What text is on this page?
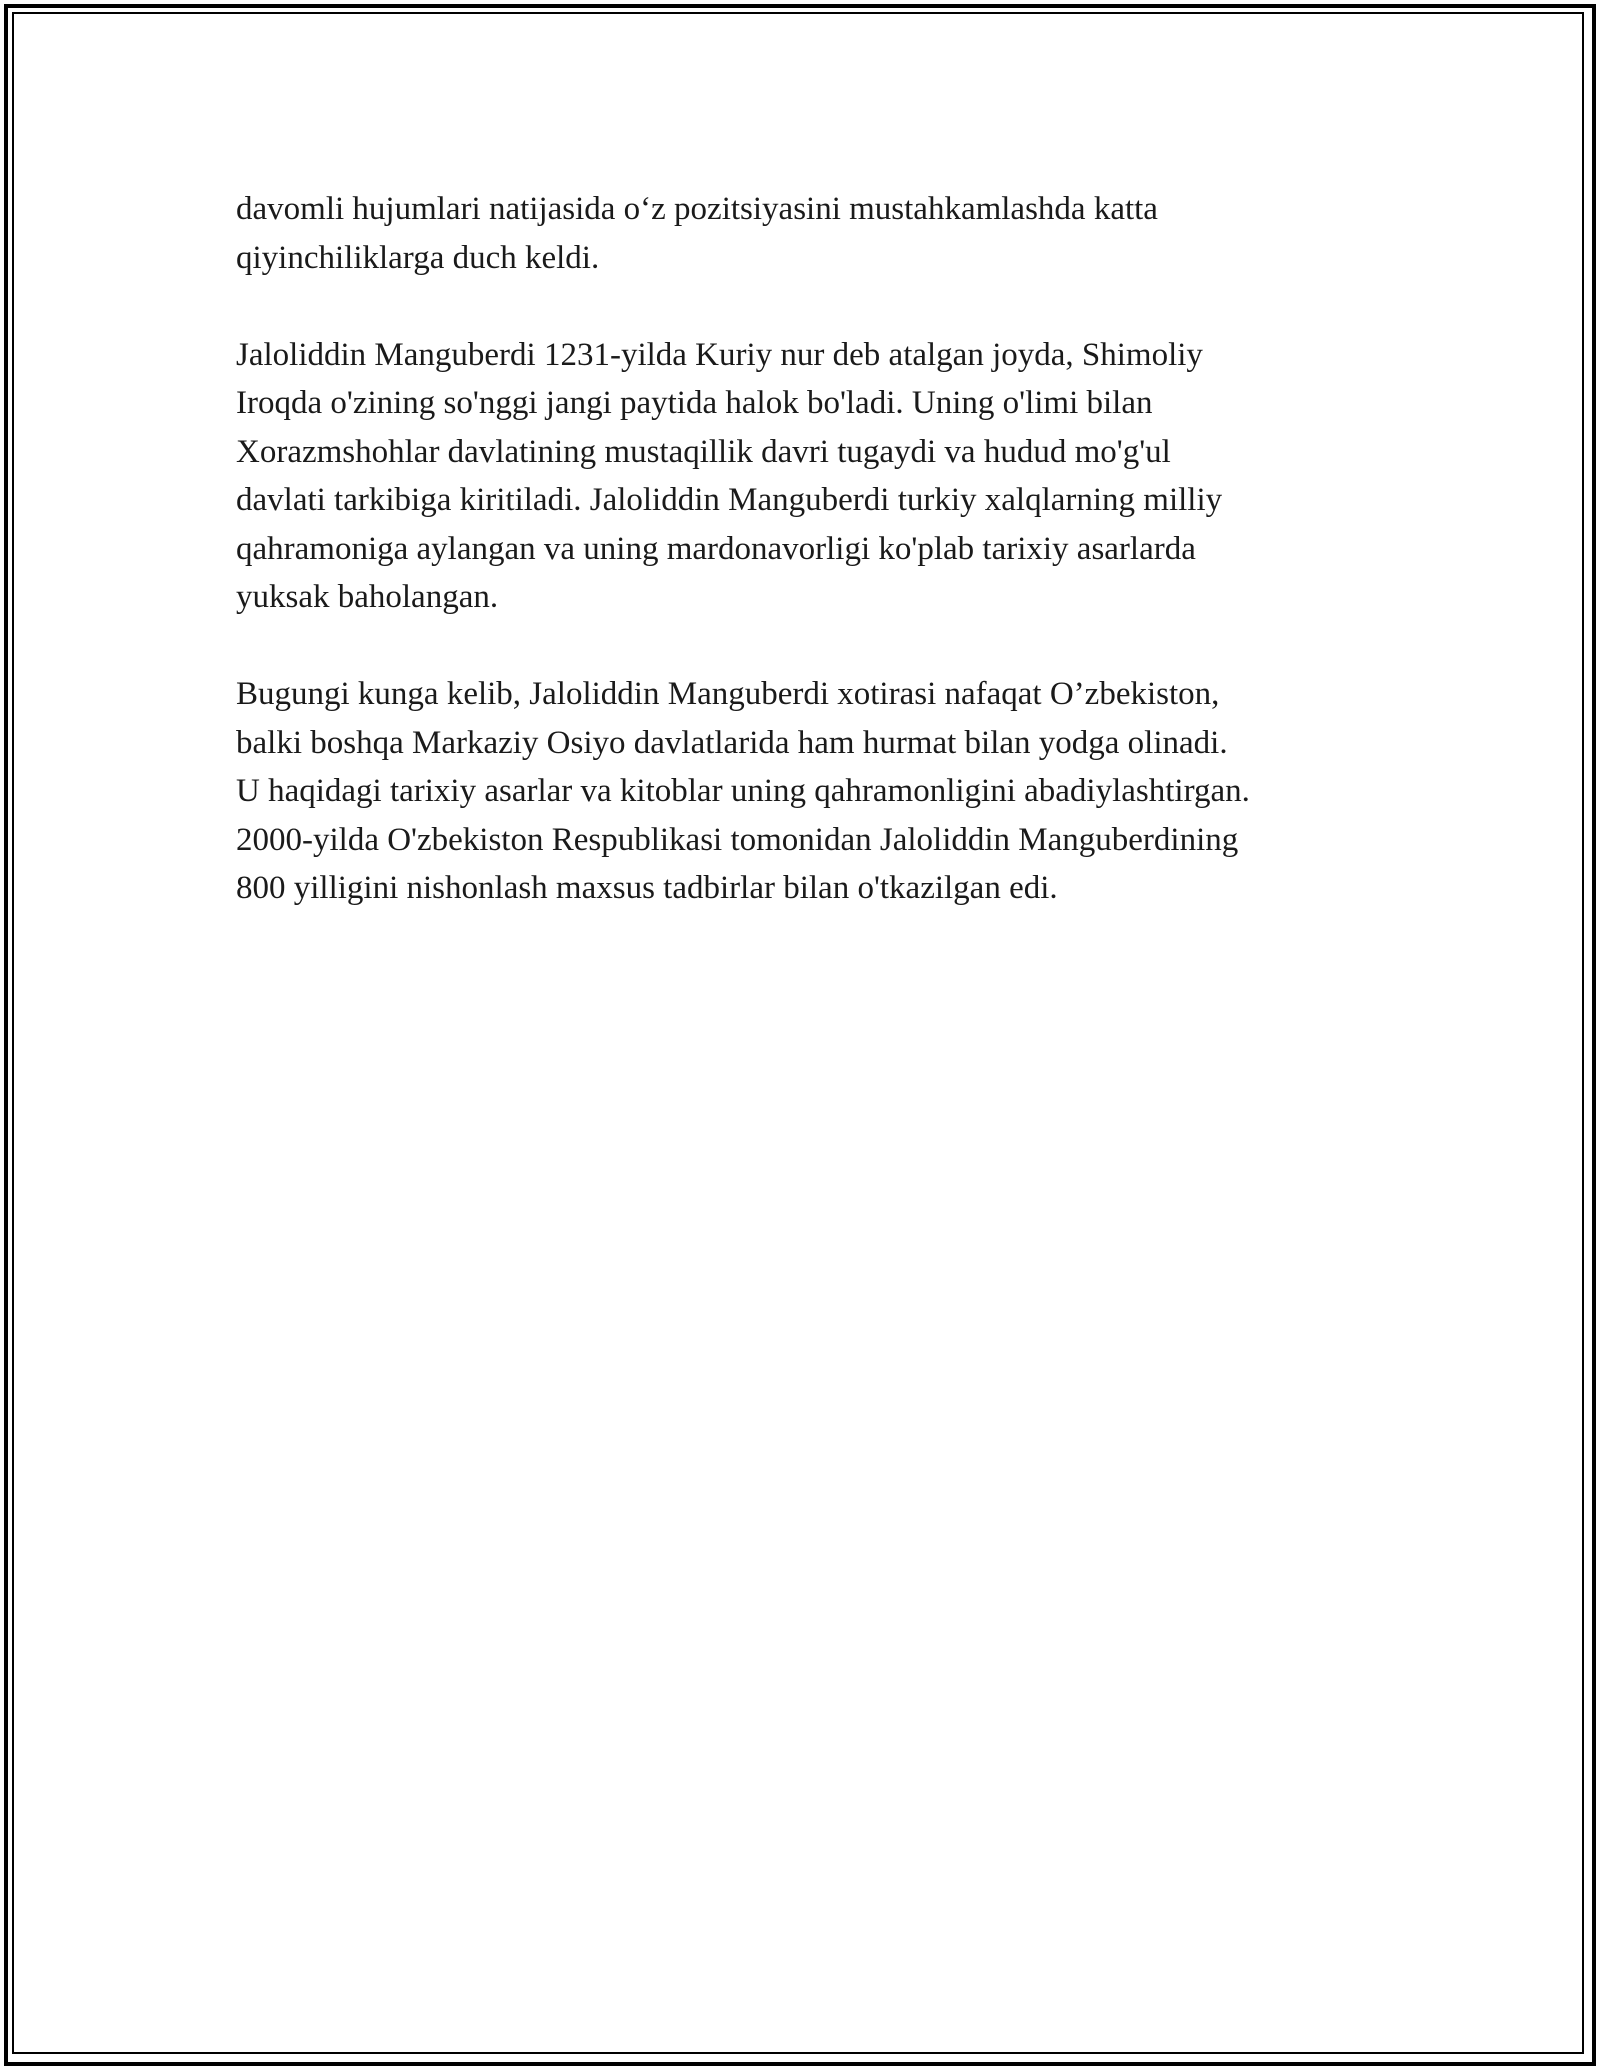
davomli hujumlari natijasida o‘z pozitsiyasini mustahkamlashda katta
qiyinchiliklarga duch keldi.

Jaloliddin Manguberdi 1231-yilda Kuriy nur deb atalgan joyda, Shimoliy
Iroqda o'zining so'nggi jangi paytida halok bo'ladi. Uning o'limi bilan
Xorazmshohlar davlatining mustaqillik davri tugaydi va hudud mo'g'ul
davlati tarkibiga kiritiladi. Jaloliddin Manguberdi turkiy xalqlarning milliy
qahramoniga aylangan va uning mardonavorligi ko'plab tarixiy asarlarda
yuksak baholangan.

Bugungi kunga kelib, Jaloliddin Manguberdi xotirasi nafaqat O’zbekiston,
balki boshqa Markaziy Osiyo davlatlarida ham hurmat bilan yodga olinadi.
U haqidagi tarixiy asarlar va kitoblar uning qahramonligini abadiylashtirgan.
2000-yilda O'zbekiston Respublikasi tomonidan Jaloliddin Manguberdining
800 yilligini nishonlash maxsus tadbirlar bilan o'tkazilgan edi.
